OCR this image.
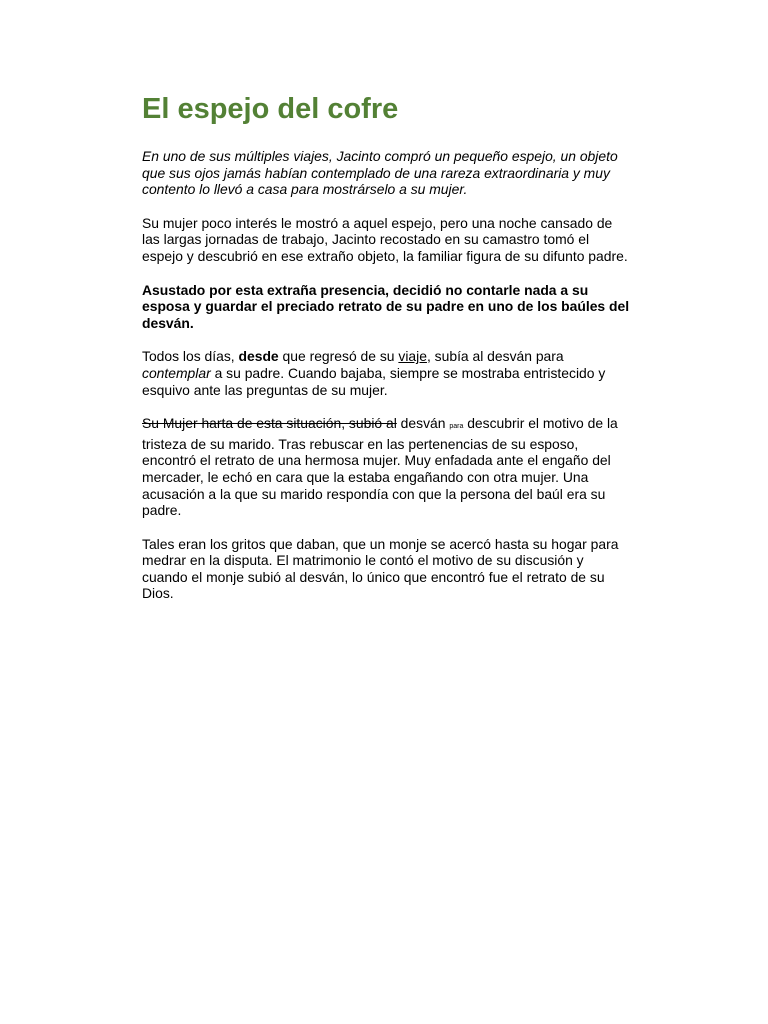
El espejo del cofre

En uno de sus múltiples viajes, Jacinto compró un pequeño espejo, un objeto que sus ojos jamás habían contemplado de una rareza extraordinaria y muy contento lo llevó a casa para mostrárselo a su mujer.

Su mujer poco interés le mostró a aquel espejo, pero una noche cansado de las largas jornadas de trabajo, Jacinto recostado en su camastro tomó el espejo y descubrió en ese extraño objeto, la familiar figura de su difunto padre.

Asustado por esta extraña presencia, decidió no contarle nada a su esposa y guardar el preciado retrato de su padre en uno de los baúles del desván.

Todos los días, desde que regresó de su viaje, subía al desván para contemplar a su padre. Cuando bajaba, siempre se mostraba entristecido y esquivo ante las preguntas de su mujer.

Su Mujer harta de esta situación, subió al desván para descubrir el motivo de la tristeza de su marido. Tras rebuscar en las pertenencias de su esposo, encontró el retrato de una hermosa mujer. Muy enfadada ante el engaño del mercader, le echó en cara que la estaba engañando con otra mujer. Una acusación a la que su marido respondía con que la persona del baúl era su padre.

Tales eran los gritos que daban, que un monje se acercó hasta su hogar para medrar en la disputa. El matrimonio le contó el motivo de su discusión y cuando el monje subió al desván, lo único que encontró fue el retrato de su Dios.
